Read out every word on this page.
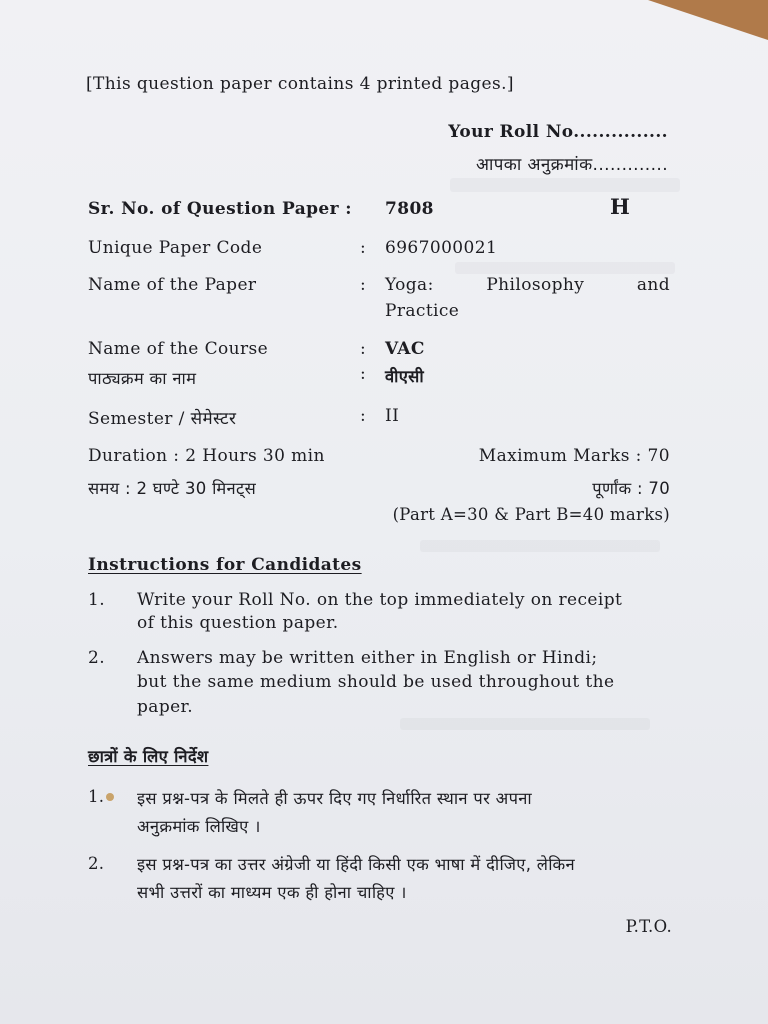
[This question paper contains 4 printed pages.]
Your Roll No...............
आपका अनुक्रमांक.............
Sr. No. of Question Paper : 7808	H
Unique Paper Code	: 6967000021
Name of the Paper	: Yoga:	Philosophy	and
Practice
Name of the Course	: VAC
पाठ्यक्रम का नाम	: वीएसी
Semester / सेमेस्टर	: II
Duration : 2 Hours 30 min	Maximum Marks : 70
समय : 2 घण्टे 30 मिनट्स	पूर्णांक : 70
(Part A=30 & Part B=40 marks)
Instructions for Candidates
1. Write your Roll No. on the top immediately on receipt
of this question paper.
2. Answers may be written either in English or Hindi;
but the same medium should be used throughout the
paper.
छात्रों के लिए निर्देश
1.	इस प्रश्न-पत्र के मिलते ही ऊपर दिए गए निर्धारित स्थान पर अपना
अनुक्रमांक लिखिए ।
2. इस प्रश्न-पत्र का उत्तर अंग्रेजी या हिंदी किसी एक भाषा में दीजिए, लेकिन
सभी उत्तरों का माध्यम एक ही होना चाहिए ।
P.T.O.
